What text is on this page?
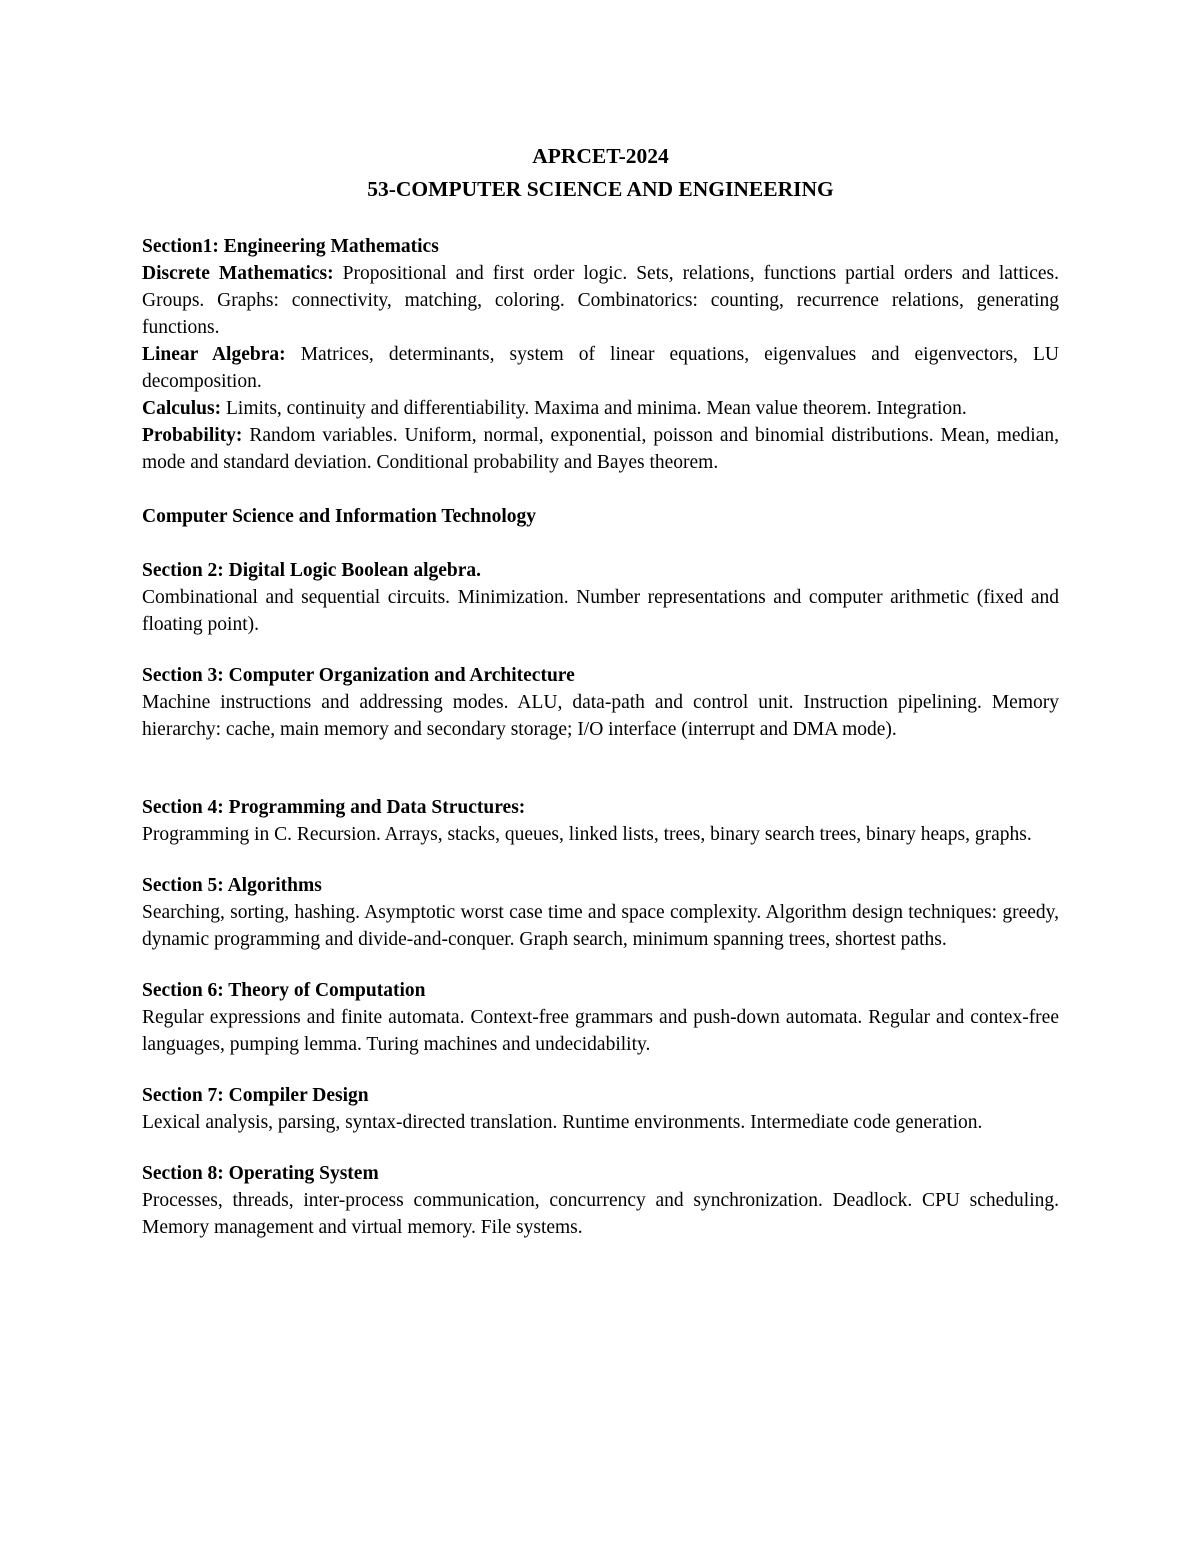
APRCET-2024
53-COMPUTER SCIENCE AND ENGINEERING
Section1: Engineering Mathematics

Discrete Mathematics: Propositional and first order logic. Sets, relations, functions partial orders and lattices. Groups. Graphs: connectivity, matching, coloring. Combinatorics: counting, recurrence relations, generating functions.

Linear Algebra: Matrices, determinants, system of linear equations, eigenvalues and eigenvectors, LU decomposition.

Calculus: Limits, continuity and differentiability. Maxima and minima. Mean value theorem. Integration.

Probability: Random variables. Uniform, normal, exponential, poisson and binomial distributions. Mean, median, mode and standard deviation. Conditional probability and Bayes theorem.

Computer Science and Information Technology
Section 2: Digital Logic Boolean algebra.

Combinational and sequential circuits. Minimization. Number representations and computer arithmetic (fixed and floating point).

Section 3: Computer Organization and Architecture

Machine instructions and addressing modes. ALU, data-path and control unit. Instruction pipelining. Memory hierarchy: cache, main memory and secondary storage; I/O interface (interrupt and DMA mode).

Section 4: Programming and Data Structures:

Programming in C. Recursion. Arrays, stacks, queues, linked lists, trees, binary search trees, binary heaps, graphs.

Section 5: Algorithms

Searching, sorting, hashing. Asymptotic worst case time and space complexity. Algorithm design techniques: greedy, dynamic programming and divide-and-conquer. Graph search, minimum spanning trees, shortest paths.

Section 6: Theory of Computation

Regular expressions and finite automata. Context-free grammars and push-down automata. Regular and contex-free languages, pumping lemma. Turing machines and undecidability.

Section 7: Compiler Design

Lexical analysis, parsing, syntax-directed translation. Runtime environments. Intermediate code generation.

Section 8: Operating System

Processes, threads, inter-process communication, concurrency and synchronization. Deadlock. CPU scheduling. Memory management and virtual memory. File systems.
